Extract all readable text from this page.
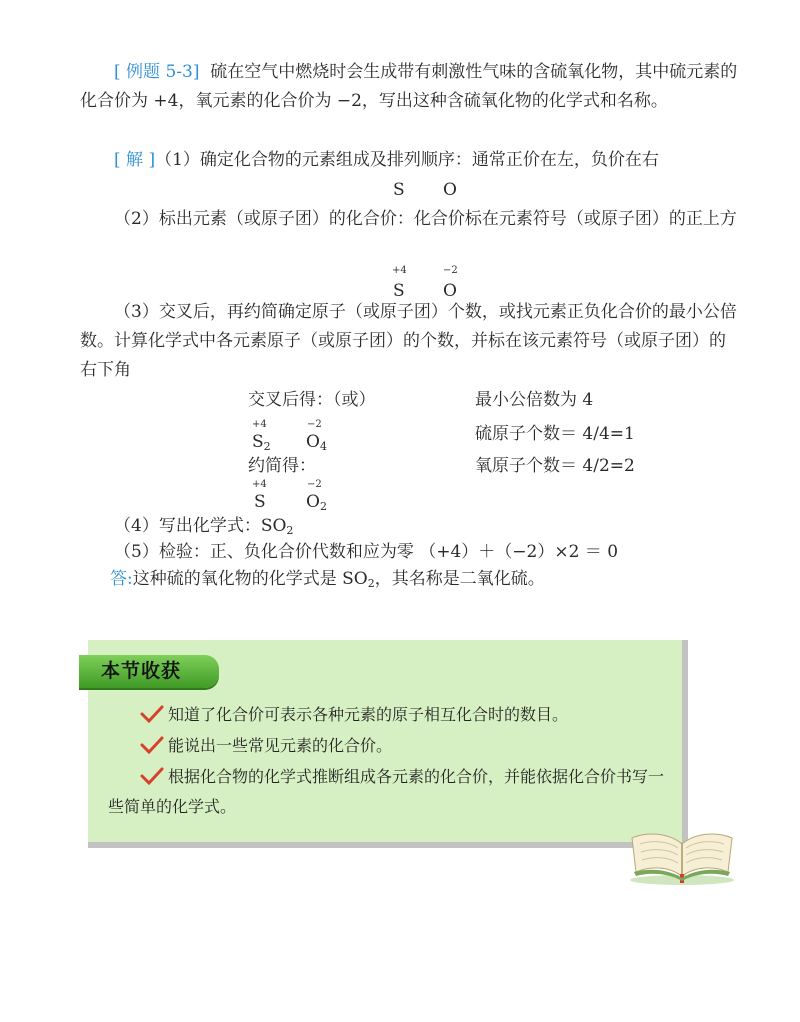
[ 例题 5-3] 硫在空气中燃烧时会生成带有刺激性气味的含硫氧化物，其中硫元素的化合价为 +4，氧元素的化合价为 −2，写出这种含硫氧化物的化学式和名称。
[ 解 ]（1）确定化合物的元素组成及排列顺序：通常正价在左，负价在右
S O
（2）标出元素（或原子团）的化合价：化合价标在元素符号（或原子团）的正上方
+4	−2
S O
（3）交叉后，再约简确定原子（或原子团）个数，或找元素正负化合价的最小公倍数。计算化学式中各元素原子（或原子团）的个数，并标在该元素符号（或原子团）的右下角
交叉后得：（或）	最小公倍数为 4
+4	−2
$S_2$ $O_4$
硫原子个数＝ 4/4=1
约简得：	氧原子个数＝ 4/2=2
+4	−2
S $O_2$
（4）写出化学式：$SO_2$
（5）检验：正、负化合价代数和应为零 （+4）＋（−2）×2 ＝ 0
答:这种硫的氧化物的化学式是 $SO_2$，其名称是二氧化硫。
本节收获
知道了化合价可表示各种元素的原子相互化合时的数目。
能说出一些常见元素的化合价。
根据化合物的化学式推断组成各元素的化合价，并能依据化合价书写一些简单的化学式。
